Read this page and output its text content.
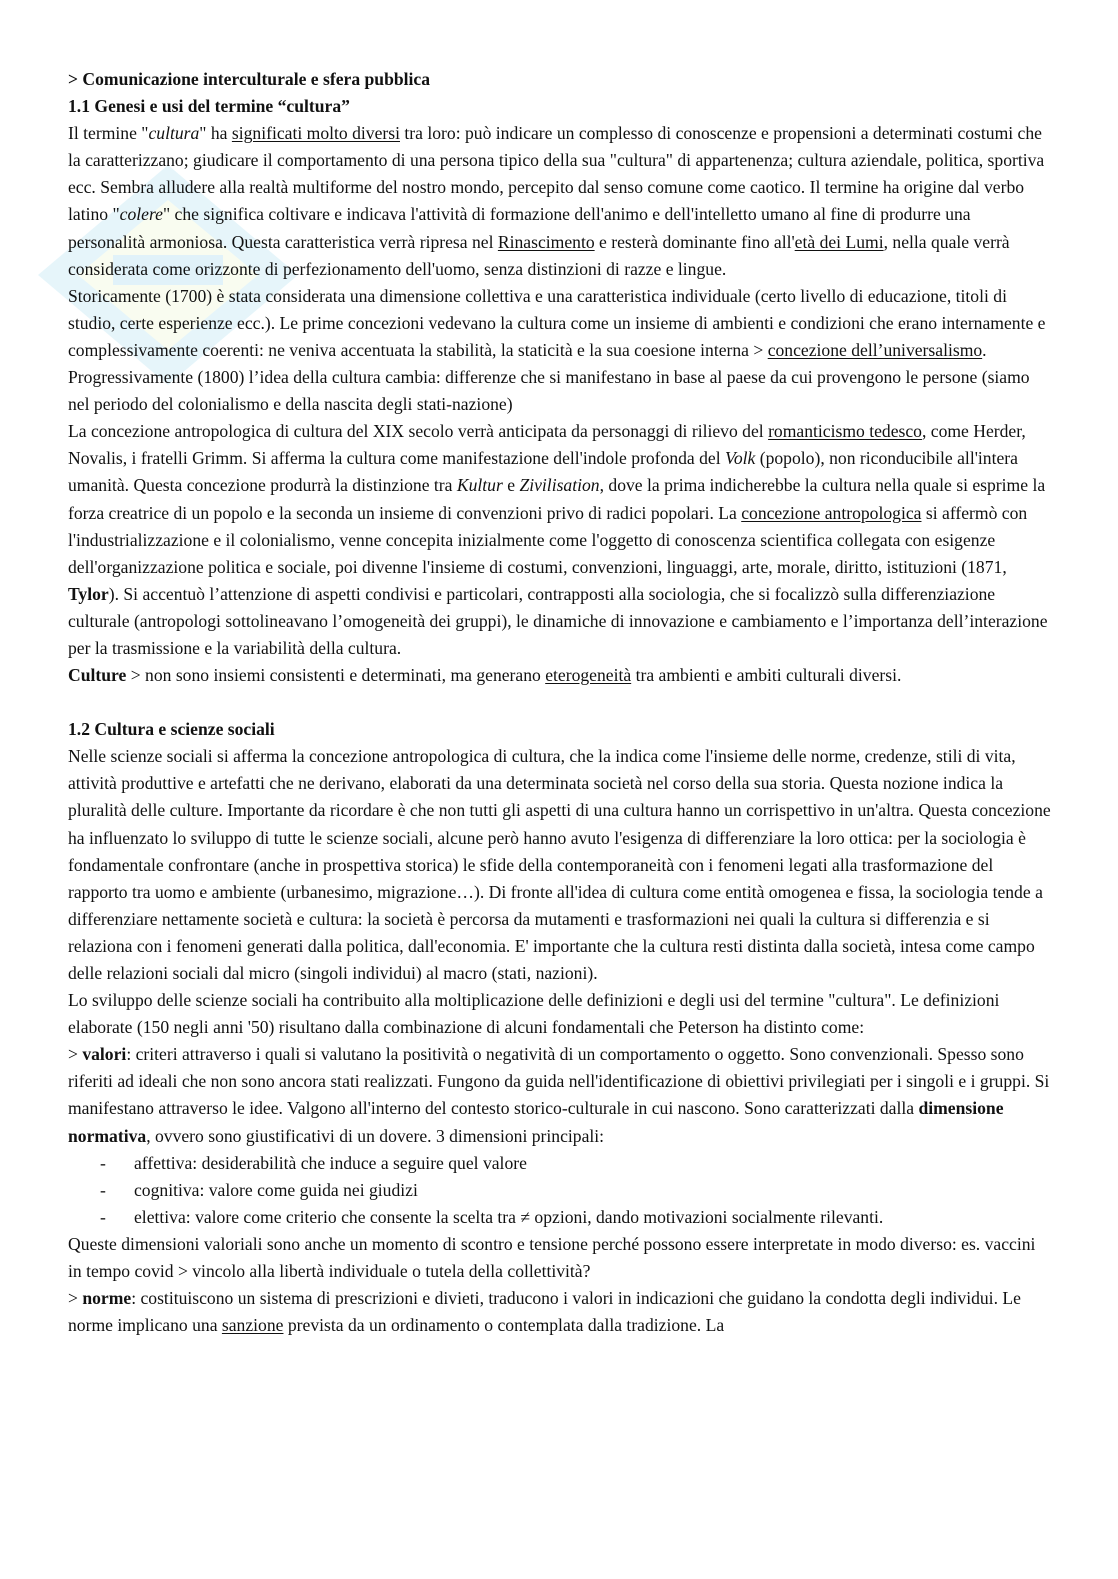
> Comunicazione interculturale e sfera pubblica

1.1 Genesi e usi del termine “cultura”

Il termine "cultura" ha significati molto diversi tra loro: può indicare un complesso di conoscenze e propensioni a determinati costumi che la caratterizzano; giudicare il comportamento di una persona tipico della sua "cultura" di appartenenza; cultura aziendale, politica, sportiva ecc. Sembra alludere alla realtà multiforme del nostro mondo, percepito dal senso comune come caotico. Il termine ha origine dal verbo latino "colere" che significa coltivare e indicava l'attività di formazione dell'animo e dell'intelletto umano al fine di produrre una personalità armoniosa. Questa caratteristica verrà ripresa nel Rinascimento e resterà dominante fino all'età dei Lumi, nella quale verrà considerata come orizzonte di perfezionamento dell'uomo, senza distinzioni di razze e lingue.

Storicamente (1700) è stata considerata una dimensione collettiva e una caratteristica individuale (certo livello di educazione, titoli di studio, certe esperienze ecc.). Le prime concezioni vedevano la cultura come un insieme di ambienti e condizioni che erano internamente e complessivamente coerenti: ne veniva accentuata la stabilità, la staticità e la sua coesione interna > concezione dell’universalismo. Progressivamente (1800) l’idea della cultura cambia: differenze che si manifestano in base al paese da cui provengono le persone (siamo nel periodo del colonialismo e della nascita degli stati-nazione)

La concezione antropologica di cultura del XIX secolo verrà anticipata da personaggi di rilievo del romanticismo tedesco, come Herder, Novalis, i fratelli Grimm. Si afferma la cultura come manifestazione dell'indole profonda del Volk (popolo), non riconducibile all'intera umanità. Questa concezione produrrà la distinzione tra Kultur e Zivilisation, dove la prima indicherebbe la cultura nella quale si esprime la forza creatrice di un popolo e la seconda un insieme di convenzioni privo di radici popolari. La concezione antropologica si affermò con l'industrializzazione e il colonialismo, venne concepita inizialmente come l'oggetto di conoscenza scientifica collegata con esigenze dell'organizzazione politica e sociale, poi divenne l'insieme di costumi, convenzioni, linguaggi, arte, morale, diritto, istituzioni (1871, Tylor). Si accentuò l’attenzione di aspetti condivisi e particolari, contrapposti alla sociologia, che si focalizzò sulla differenziazione culturale (antropologi sottolineavano l’omogeneità dei gruppi), le dinamiche di innovazione e cambiamento e l’importanza dell’interazione per la trasmissione e la variabilità della cultura.

Culture > non sono insiemi consistenti e determinati, ma generano eterogeneità tra ambienti e ambiti culturali diversi.

1.2 Cultura e scienze sociali

Nelle scienze sociali si afferma la concezione antropologica di cultura, che la indica come l'insieme delle norme, credenze, stili di vita, attività produttive e artefatti che ne derivano, elaborati da una determinata società nel corso della sua storia. Questa nozione indica la pluralità delle culture. Importante da ricordare è che non tutti gli aspetti di una cultura hanno un corrispettivo in un'altra. Questa concezione ha influenzato lo sviluppo di tutte le scienze sociali, alcune però hanno avuto l'esigenza di differenziare la loro ottica: per la sociologia è fondamentale confrontare (anche in prospettiva storica) le sfide della contemporaneità con i fenomeni legati alla trasformazione del rapporto tra uomo e ambiente (urbanesimo, migrazione…). Di fronte all'idea di cultura come entità omogenea e fissa, la sociologia tende a differenziare nettamente società e cultura: la società è percorsa da mutamenti e trasformazioni nei quali la cultura si differenzia e si relaziona con i fenomeni generati dalla politica, dall'economia. E' importante che la cultura resti distinta dalla società, intesa come campo delle relazioni sociali dal micro (singoli individui) al macro (stati, nazioni).

Lo sviluppo delle scienze sociali ha contribuito alla moltiplicazione delle definizioni e degli usi del termine "cultura". Le definizioni elaborate (150 negli anni '50) risultano dalla combinazione di alcuni fondamentali che Peterson ha distinto come:

> valori: criteri attraverso i quali si valutano la positività o negatività di un comportamento o oggetto. Sono convenzionali. Spesso sono riferiti ad ideali che non sono ancora stati realizzati. Fungono da guida nell'identificazione di obiettivi privilegiati per i singoli e i gruppi. Si manifestano attraverso le idee. Valgono all'interno del contesto storico-culturale in cui nascono. Sono caratterizzati dalla dimensione normativa, ovvero sono giustificativi di un dovere. 3 dimensioni principali:

- affettiva: desiderabilità che induce a seguire quel valore
- cognitiva: valore come guida nei giudizi
- elettiva: valore come criterio che consente la scelta tra ≠ opzioni, dando motivazioni socialmente rilevanti.

Queste dimensioni valoriali sono anche un momento di scontro e tensione perché possono essere interpretate in modo diverso: es. vaccini in tempo covid > vincolo alla libertà individuale o tutela della collettività?

> norme: costituiscono un sistema di prescrizioni e divieti, traducono i valori in indicazioni che guidano la condotta degli individui. Le norme implicano una sanzione prevista da un ordinamento o contemplata dalla tradizione. La
